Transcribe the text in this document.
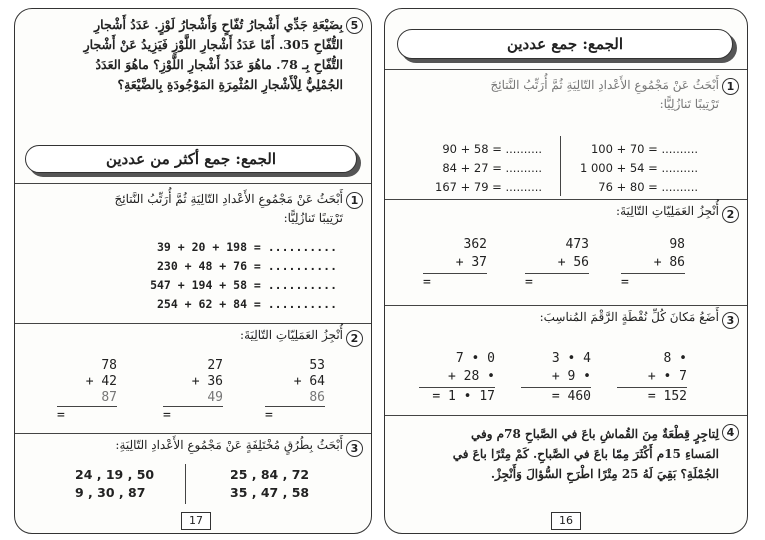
5
بِضَيْعَةِ جَدِّي أَشْجارُ تُفّاحٍ وَأَشْجارُ لَوْزٍ. عَدَدُ أَشْجارِ
التُّفّاحِ 305. أَمّا عَدَدُ أَشْجارِ اللَّوْزِ فَيَزِيدُ عَنْ أَشْجارِ
التُّفّاحِ بِـ 78. ماهُوَ عَدَدُ أَشْجارِ اللَّوْزِ؟ ماهُوَ العَدَدُ
الجُمْلِيُّ لِلْأَشْجارِ المُثْمِرَةِ المَوْجُودَةِ بِالضَّيْعَةِ؟
الجمع: جمع أكثر من عددين
1
أَبْحَثُ عَنْ مَجْمُوعِ الأَعْدادِ التّالِيَةِ ثُمَّ أُرَتِّبُ النَّتائِجَ
تَرْتِيبًا تَنازُلِيًّا:
39 + 20 + 198 = ..........
230 + 48 + 76 = ..........
547 + 194 + 58 = ..........
254 + 62 + 84 = ..........
2
أُنْجِزُ العَمَلِيّاتِ التّالِيَةَ:
78
+ 42
87
=
27
+ 36
49
=
53
+ 64
86
=
3
أَبْحَثُ بِطُرُقٍ مُخْتَلِفَةٍ عَنْ مَجْمُوعِ الأَعْدادِ التّالِيَةِ:
24 , 19 , 50
9 , 30 , 87
25 , 84 , 72
35 , 47 , 58
17
الجمع: جمع عددين
1
أَبْحَثُ عَنْ مَجْمُوعِ الأَعْدادِ التّالِيَةِ ثُمَّ أُرَتِّبُ النَّتائِجَ
تَرْتِيبًا تَنازُلِيًّا:
90 + 58 = ..........
84 + 27 = ..........
167 + 79 = ..........
100 + 70 = ..........
1 000 + 54 = ..........
76 + 80 = ..........
2
أُنْجِزُ العَمَلِيّاتِ التّالِيَةَ:
362
+ 37
=
473
+ 56
=
98
+ 86
=
3
أَضَعُ مَكانَ كُلِّ نُقْطَةٍ الرَّقْمَ المُناسِبَ:
7 • 0
+ 28 •
= 1 • 17
3 • 4
+ 9 •
= 460
8 •
+ • 7
= 152
4
لِتاجِرٍ قِطْعَةٌ مِنَ القُماشِ باعَ في الصَّباحِ 78م وفي
المَساءِ 15م أَكْثَرَ مِمّا باعَ في الصَّباحِ. كَمْ مِتْرًا باعَ في
الجُمْلَةِ؟ بَقِيَ لَهُ 25 مِتْرًا اطْرَحِ السُّؤالَ وَأَنْجِزْ.
16
